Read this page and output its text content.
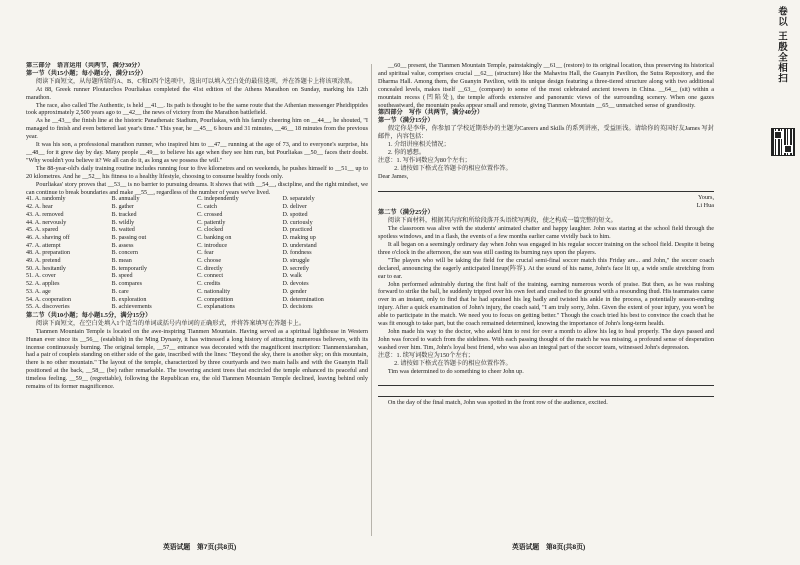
卷以 王殷全相扫

第三部分　语言运用（共两节，满分30分）

第一节（共15小题；每小题1分，满分15分）

阅读下面短文，从每题所给的A、B、C和D四个选项中，选出可以填入空白处的最佳选项，并在答题卡上将该项涂黑。

At 88, Greek runner Ploutarchos Pourliakas completed the 41st edition of the Athens Marathon on Sunday, marking his 12th marathon.

The race, also called The Authentic, is held __41__. Its path is thought to be the same route that the Athenian messenger Pheidippides took approximately 2,500 years ago to __42__ the news of victory from the Marathon battlefield.

As he __43__ the finish line at the historic Panathenaic Stadium, Pourliakas, with his family cheering him on __44__, he shouted, "I managed to finish and even bettered last year's time." This year, he __45__ 6 hours and 31 minutes, __46__ 18 minutes from the previous year.

It was his son, a professional marathon runner, who inspired him to __47__ running at the age of 73, and to everyone's surprise, his __48__ for it grew day by day. Many people __49__ to believe his age when they see him run, but Pourliakas __50__ faces their doubt. "Why wouldn't you believe it? We all can do it, as long as we possess the will."

The 88-year-old's daily training routine includes running four to five kilometres and on weekends, he pushes himself to __51__ up to 20 kilometres. And he __52__ his fitness to a healthy lifestyle, choosing to consume healthy foods only.

Pourliakas' story proves that __53__ is no barrier to pursuing dreams. It shows that with __54__, discipline, and the right mindset, we can continue to break boundaries and make __55__, regardless of the number of years we've lived.

41. A. randomly	B. annually	C. independently	D. separately
42. A. hear	B. gather	C. catch	D. deliver
43. A. removed	B. tracked	C. crossed	D. spotted
44. A. nervously	B. wildly	C. patiently	D. curiously
45. A. spared	B. waited	C. clocked	D. practiced
46. A. shaving off	B. passing out	C. banking on	D. making up
47. A. attempt	B. assess	C. introduce	D. understand
48. A. preparation	B. concern	C. fear	D. fondness
49. A. pretend	B. mean	C. choose	D. struggle
50. A. hesitantly	B. temporarily	C. directly	D. secretly
51. A. cover	B. speed	C. connect	D. walk
52. A. applies	B. compares	C. credits	D. devotes
53. A. age	B. care	C. nationality	D. gender
54. A. cooperation	B. exploration	C. competition	D. determination
55. A. discoveries	B. achievements	C. explanations	D. decisions

第二节（共10小题；每小题1.5分，满分15分）

阅读下面短文，在空白处填入1个适当的单词或括号内单词的正确形式，并将答案填写在答题卡上。

Tianmen Mountain Temple is located on the awe-inspiring Tianmen Mountain. Having served as a spiritual lighthouse in Western Hunan ever since its __56__ (establish) in the Ming Dynasty, it has witnessed a long history of attracting numerous believers, with its incense continuously burning. The original temple, __57__ entrance was decorated with the magnificent inscription: Tianmenxianshan, had a pair of couplets standing on either side of the gate, inscribed with the lines: "Beyond the sky, there is another sky; on this mountain, there is no other mountain." The layout of the temple, characterized by three courtyards and two main halls and with the Guanyin Hall positioned at the back, __58__ (be) rather remarkable. The towering ancient trees that encircled the temple enhanced its peaceful and timeless feeling. __59__ (regrettable), following the Republican era, the old Tianmen Mountain Temple declined, leaving behind only remains of its former magnificence.

英语试题　第7页(共8页)

__60__ present, the Tianmen Mountain Temple, painstakingly __61__ (restore) to its original location, thus preserving its historical and spiritual value, comprises crucial __62__ (structure) like the Mahavira Hall, the Guanyin Pavilion, the Sutra Repository, and the Dharma Hall. Among them, the Guanyin Pavilion, with its unique design featuring a three-tiered structure along with two additional concealed levels, makes itself __63__ (compare) to some of the most celebrated ancient towers in China. __64__ (sit) within a mountain recess (凹陷处), the temple affords extensive and panoramic views of the surrounding scenery. When one gazes southeastward, the mountain peaks appear small and remote, giving Tianmen Mountain __65__ unmatched sense of grandiosity.

第四部分　写作（共两节，满分40分）

第一节（满分15分）

假定你是李华，你参加了学校近期举办的主题为Careers and Skills 的系列讲座，受益匪浅。请给你的英国好友James 写封邮件，内容包括：

1. 介绍讲座相关情况；

2. 你的感想。

注意：1. 写作词数应为80个左右；

2. 请按如下格式在答题卡的相应位置作答。

Dear James,

Yours,

Li Hua

第二节（满分25分）

阅读下面材料，根据其内容和所给段落开头语续写两段，使之构成一篇完整的短文。

The classroom was alive with the students' animated chatter and happy laughter. John was staring at the school field through the spotless windows, and in a flash, the events of a few months earlier came vividly back to him.

It all began on a seemingly ordinary day when John was engaged in his regular soccer training on the school field. Despite it being three o'clock in the afternoon, the sun was still casting its burning rays upon the players.

"The players who will be taking the field for the crucial semi-final soccer match this Friday are... and John," the soccer coach declared, announcing the eagerly anticipated lineup(阵容). At the sound of his name, John's face lit up, a wide smile stretching from ear to ear.

John performed admirably during the first half of the training, earning numerous words of praise. But then, as he was rushing forward to strike the ball, he suddenly tripped over his own feet and crashed to the ground with a resounding thud. His teammates came over in an instant, only to find that he had sprained his leg badly and twisted his ankle in the process, a potentially season-ending injury. After a quick examination of John's injury, the coach said, "I am truly sorry, John. Given the extent of your injury, you won't be able to participate in the match. We need you to focus on getting better." Though the coach tried his best to convince the coach that he was fit enough to take part, but the coach remained determined, knowing the importance of John's long-term health.

John made his way to the doctor, who asked him to rest for over a month to allow his leg to heal properly. The days passed and John was forced to watch from the sidelines. With each passing thought of the match he was missing, a profound sense of desperation washed over him. Tim, John's loyal best friend, who was also an integral part of the soccer team, witnessed John's depression.

注意：1. 续写词数应为150个左右；

2. 请按如下格式在答题卡的相应位置作答。

Tim was determined to do something to cheer John up.

On the day of the final match, John was spotted in the front row of the audience, excited.

英语试题　第8页(共8页)
